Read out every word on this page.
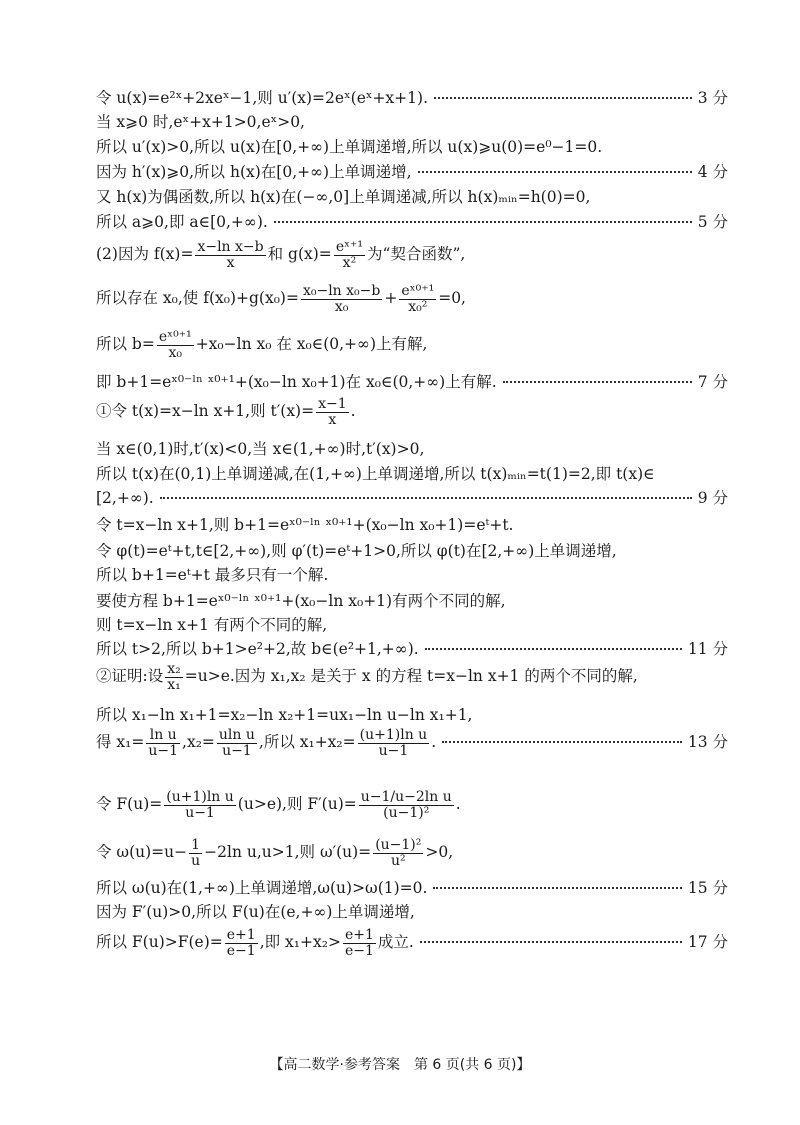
令 u(x)=e²ˣ+2xeˣ−1,则 u′(x)=2eˣ(eˣ+x+1).	3 分
当 x⩾0 时,eˣ+x+1>0,eˣ>0,
所以 u′(x)>0,所以 u(x)在[0,+∞)上单调递增,所以 u(x)⩾u(0)=e⁰−1=0.
因为 h′(x)⩾0,所以 h(x)在[0,+∞)上单调递增,	4 分
又 h(x)为偶函数,所以 h(x)在(−∞,0]上单调递减,所以 h(x)ₘᵢₙ=h(0)=0,
所以 a⩾0,即 a∈[0,+∞).	5 分
(2)因为 $f(x)= \frac{\text{x−ln x−b}}{x}$ 和 $g(x)= \frac{\text{eˣ⁺¹}}{\text{x²}}$ 为“契合函数”,
所以存在 x₀,使 $f(x_0)+g(x_0)= \frac{\text{x₀−ln x₀−b}}{\text{x₀}} + \frac{\text{eˣ⁰⁺¹}}{\text{x₀²}} =0$,
所以 $b= \frac{\text{eˣ⁰⁺¹}}{\text{x₀}} +x_0-\ln$ x₀ 在 x₀∈(0,+∞)上有解,
即 b+1=eˣ⁰⁻ˡⁿ ˣ⁰⁺¹+(x₀−ln x₀+1)在 x₀∈(0,+∞)上有解.	7 分
①令 t(x)=x−ln x+1,则 $t'(x)= \frac{x-1}{x}$ .
当 x∈(0,1)时,t′(x)<0,当 x∈(1,+∞)时,t′(x)>0,
所以 t(x)在(0,1)上单调递减,在(1,+∞)上单调递增,所以 t(x)ₘᵢₙ=t(1)=2,即 t(x)∈
[2,+∞).	9 分
令 t=x−ln x+1,则 b+1=eˣ⁰⁻ˡⁿ ˣ⁰⁺¹+(x₀−ln x₀+1)=eᵗ+t.
令 φ(t)=eᵗ+t,t∈[2,+∞),则 φ′(t)=eᵗ+1>0,所以 φ(t)在[2,+∞)上单调递增,
所以 b+1=eᵗ+t 最多只有一个解.
要使方程 b+1=eˣ⁰⁻ˡⁿ ˣ⁰⁺¹+(x₀−ln x₀+1)有两个不同的解,
则 t=x−ln x+1 有两个不同的解,
所以 t>2,所以 b+1>e²+2,故 b∈(e²+1,+∞).	11 分
②证明:设 $\frac{\text{x₂}}{\text{x₁}} =u>e$.因为 x₁,x₂ 是关于 x 的方程 t=x−ln x+1 的两个不同的解,
所以 x₁−ln x₁+1=x₂−ln x₂+1=ux₁−ln u−ln x₁+1,
得 $x_1= \frac{\text{ln u}}{u-1} ,x_2= \frac{\text{uln u}}{u-1}$ ,所以 $x_1+x_2= \frac{\text{(u+1)ln u}}{u-1}$ .	13 分
令 $F(u)= \frac{\text{(u+1)ln u}}{u-1} (u>e)$,则 $F'(u)= \frac{\text{u−1/u−2ln u}}{\text{(u−1)²}}$ .
令 $\omega(u)=u- \frac{1}{u} -2\ln$ u,u>1,则 $\omega'(u)= \frac{\text{(u−1)²}}{\text{u²}} >0$,
所以 ω(u)在(1,+∞)上单调递增,ω(u)>ω(1)=0.	15 分
因为 F′(u)>0,所以 F(u)在(e,+∞)上单调递增,
所以 $F(u)>F(e)= \frac{e+1}{e-1}$ ,即 $x_1+x_2> \frac{e+1}{e-1}$ 成立.	17 分
【高二数学·参考答案　第 6 页(共 6 页)】
